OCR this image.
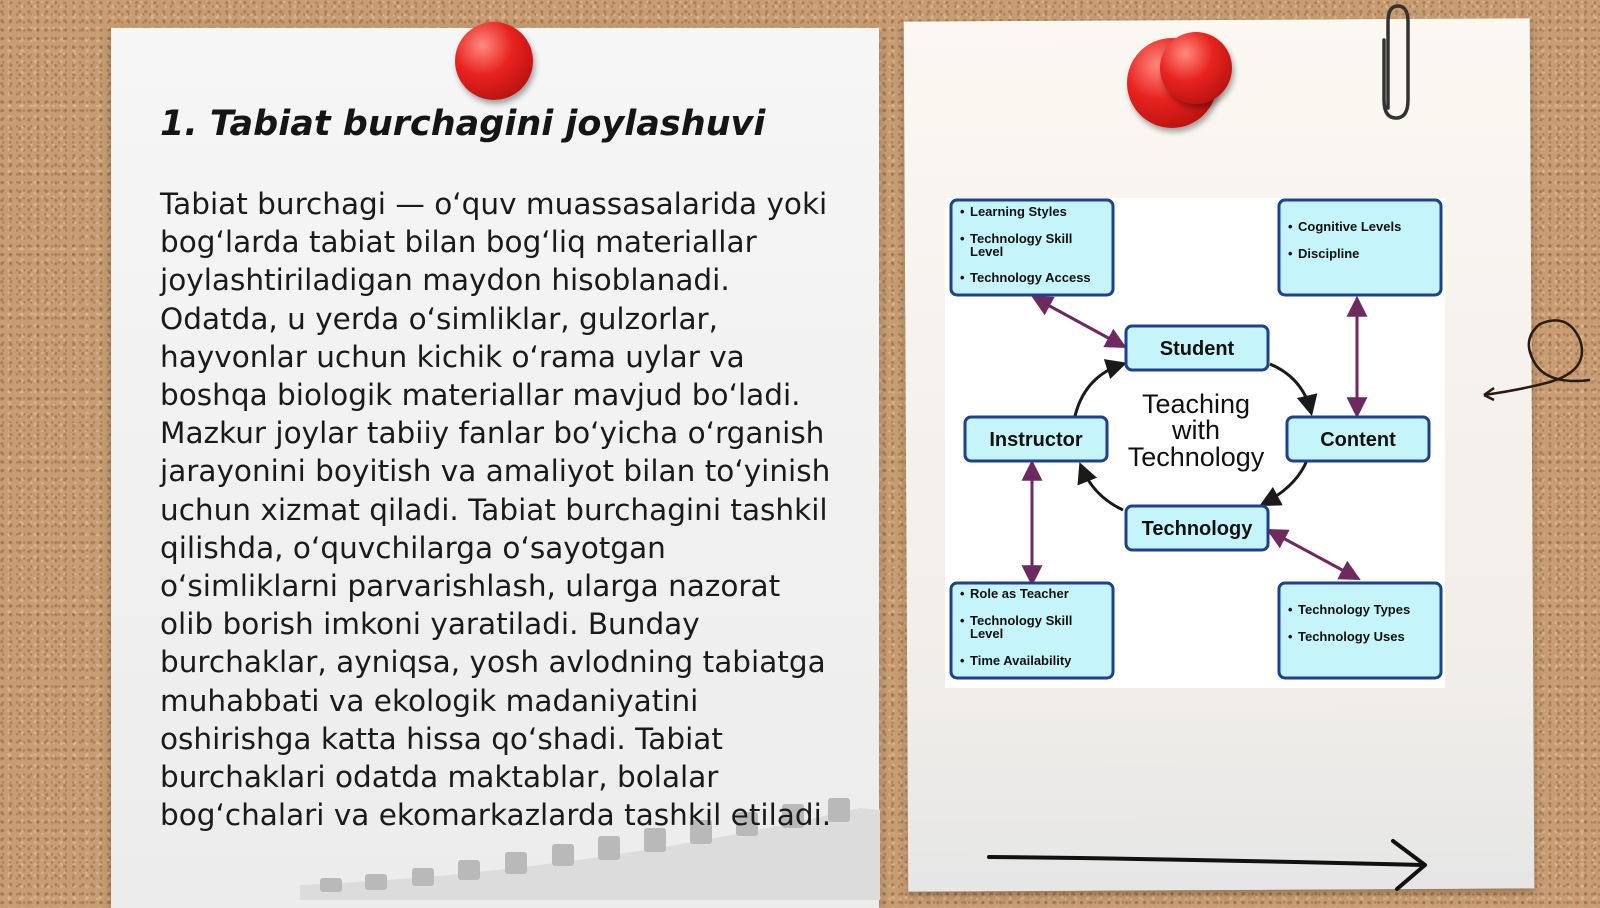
1. Tabiat burchagini joylashuvi

Tabiat burchagi — o‘quv muassasalarida yoki
bog‘larda tabiat bilan bog‘liq materiallar
joylashtiriladigan maydon hisoblanadi.
Odatda, u yerda o‘simliklar, gulzorlar,
hayvonlar uchun kichik o‘rama uylar va
boshqa biologik materiallar mavjud bo‘ladi.
Mazkur joylar tabiiy fanlar bo‘yicha o‘rganish
jarayonini boyitish va amaliyot bilan to‘yinish
uchun xizmat qiladi. Tabiat burchagini tashkil
qilishda, o‘quvchilarga o‘sayotgan
o‘simliklarni parvarishlash, ularga nazorat
olib borish imkoni yaratiladi. Bunday
burchaklar, ayniqsa, yosh avlodning tabiatga
muhabbati va ekologik madaniyatini
oshirishga katta hissa qo‘shadi. Tabiat
burchaklari odatda maktablar, bolalar
bog‘chalari va ekomarkazlarda tashkil etiladi.

Teaching
with
Technology
Student
Content
Technology
Instructor
• Learning Styles
• Technology Skill
Level
• Technology Access
• Cognitive Levels
• Discipline
• Role as Teacher
• Technology Skill
Level
• Time Availability
• Technology Types
• Technology Uses
